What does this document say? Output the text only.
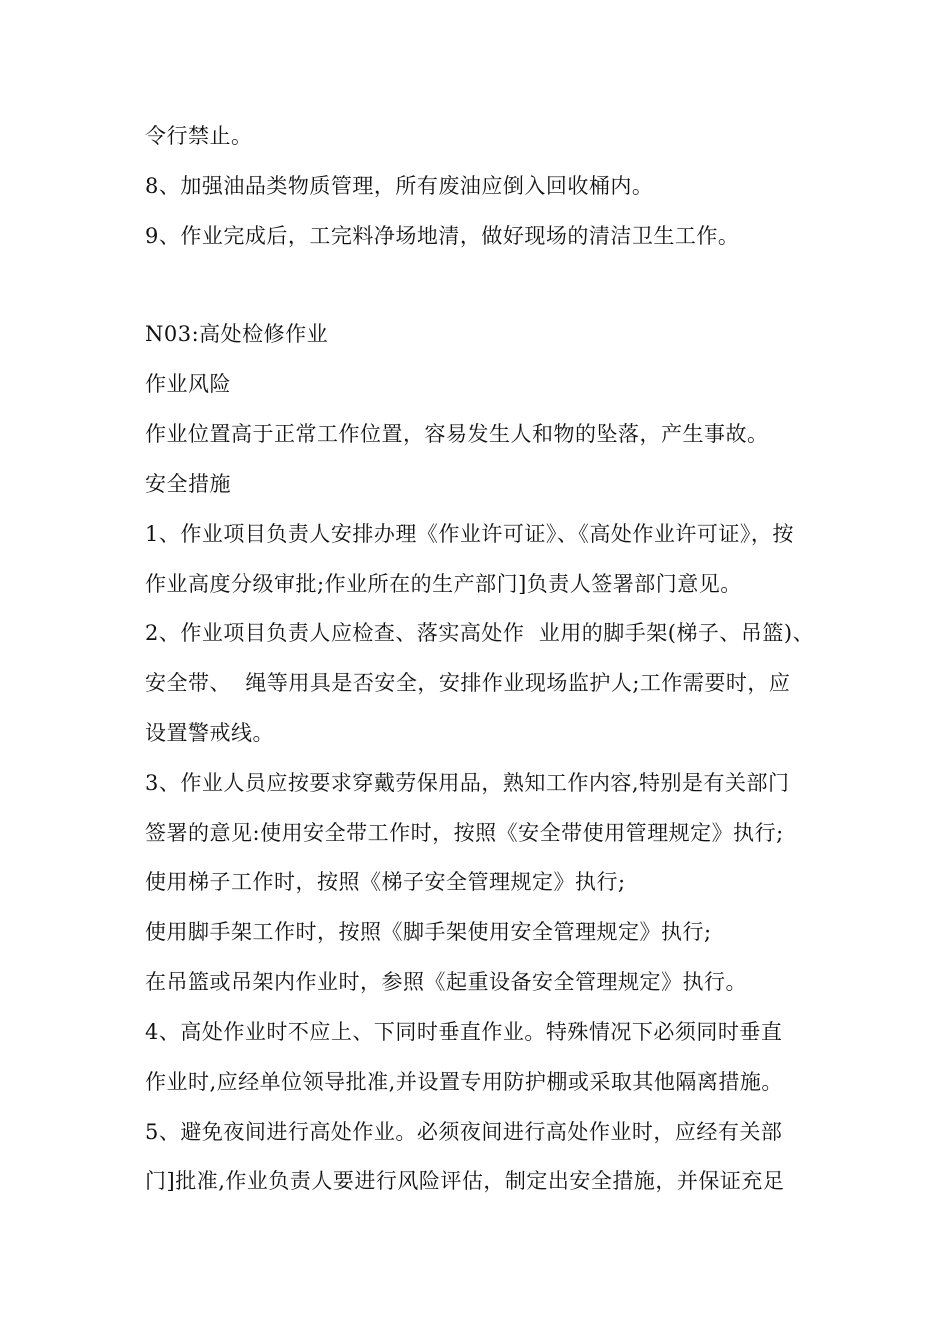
令行禁止。
8、加强油品类物质管理，所有废油应倒入回收桶内。
9、作业完成后，工完料净场地清，做好现场的清洁卫生工作。
N03:高处检修作业
作业风险
作业位置高于正常工作位置，容易发生人和物的坠落，产生事故。
安全措施
1、作业项目负责人安排办理《作业许可证》、《高处作业许可证》，按
作业高度分级审批;作业所在的生产部门]负责人签署部门意见。
2、作业项目负责人应检查、落实高处作  业用的脚手架(梯子、吊篮)、
安全带、  绳等用具是否安全，安排作业现场监护人;工作需要时，应
设置警戒线。
3、作业人员应按要求穿戴劳保用品，熟知工作内容,特别是有关部门
签署的意见:使用安全带工作时，按照《安全带使用管理规定》执行;
使用梯子工作时，按照《梯子安全管理规定》执行;
使用脚手架工作时，按照《脚手架使用安全管理规定》执行;
在吊篮或吊架内作业时，参照《起重设备安全管理规定》执行。
4、高处作业时不应上、下同时垂直作业。特殊情况下必须同时垂直
作业时,应经单位领导批准,并设置专用防护棚或采取其他隔离措施。
5、避免夜间进行高处作业。必须夜间进行高处作业时，应经有关部
门]批准,作业负责人要进行风险评估，制定出安全措施，并保证充足
